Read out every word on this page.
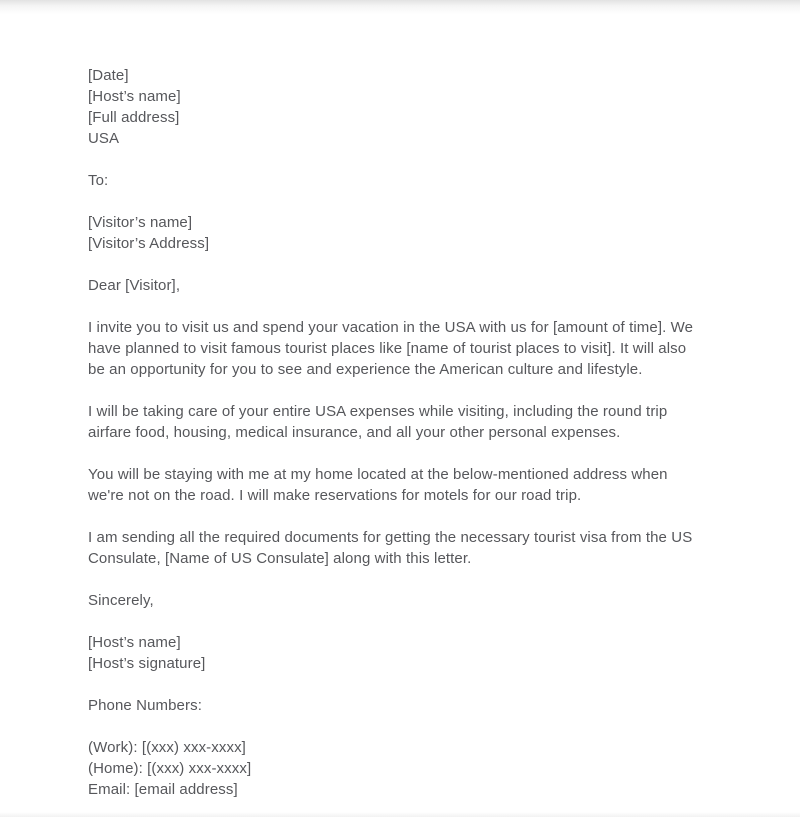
[Date]
[Host’s name]
[Full address]
USA
To:
[Visitor’s name]
[Visitor’s Address]
Dear [Visitor],
I invite you to visit us and spend your vacation in the USA with us for [amount of time]. We
have planned to visit famous tourist places like [name of tourist places to visit]. It will also
be an opportunity for you to see and experience the American culture and lifestyle.
I will be taking care of your entire USA expenses while visiting, including the round trip
airfare food, housing, medical insurance, and all your other personal expenses.
You will be staying with me at my home located at the below-mentioned address when
we're not on the road. I will make reservations for motels for our road trip.
I am sending all the required documents for getting the necessary tourist visa from the US
Consulate, [Name of US Consulate] along with this letter.
Sincerely,
[Host’s name]
[Host’s signature]
Phone Numbers:
(Work): [(xxx) xxx-xxxx]
(Home): [(xxx) xxx-xxxx]
Email: [email address]
